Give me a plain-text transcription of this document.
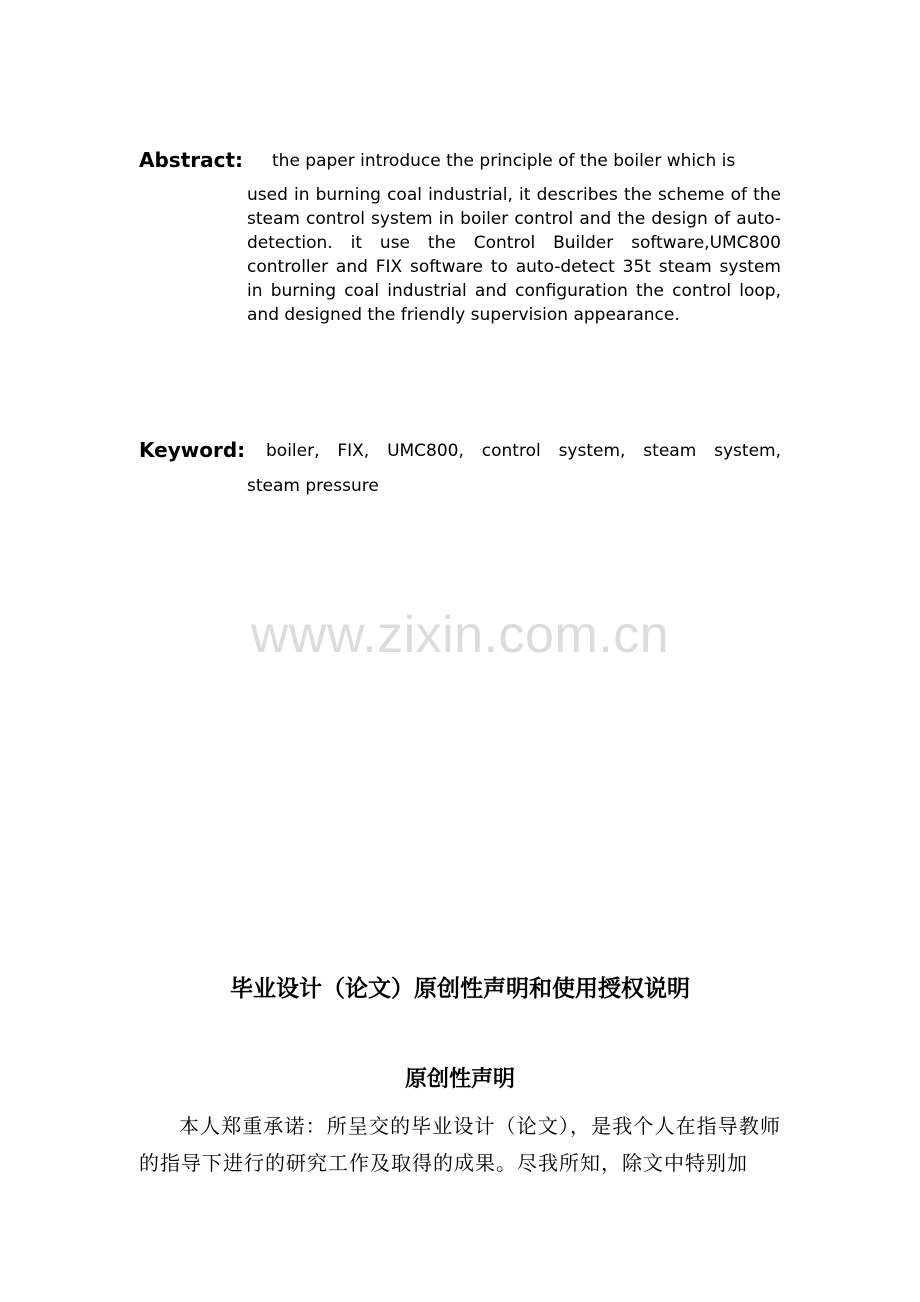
Abstract: the paper introduce the principle of the boiler which is
used in burning coal industrial, it describes the scheme of the steam control system in boiler control and the design of auto- detection. it use the Control Builder software,UMC800 controller and FIX software to auto-detect 35t steam system in burning coal industrial and configuration the control loop, and designed the friendly supervision appearance.
Keyword: boiler, FIX, UMC800, control system, steam system,
steam pressure
www.zixin.com.cn
毕业设计（论文）原创性声明和使用授权说明
原创性声明
本人郑重承诺：所呈交的毕业设计（论文），是我个人在指导教师的指导下进行的研究工作及取得的成果。尽我所知，除文中特别加
